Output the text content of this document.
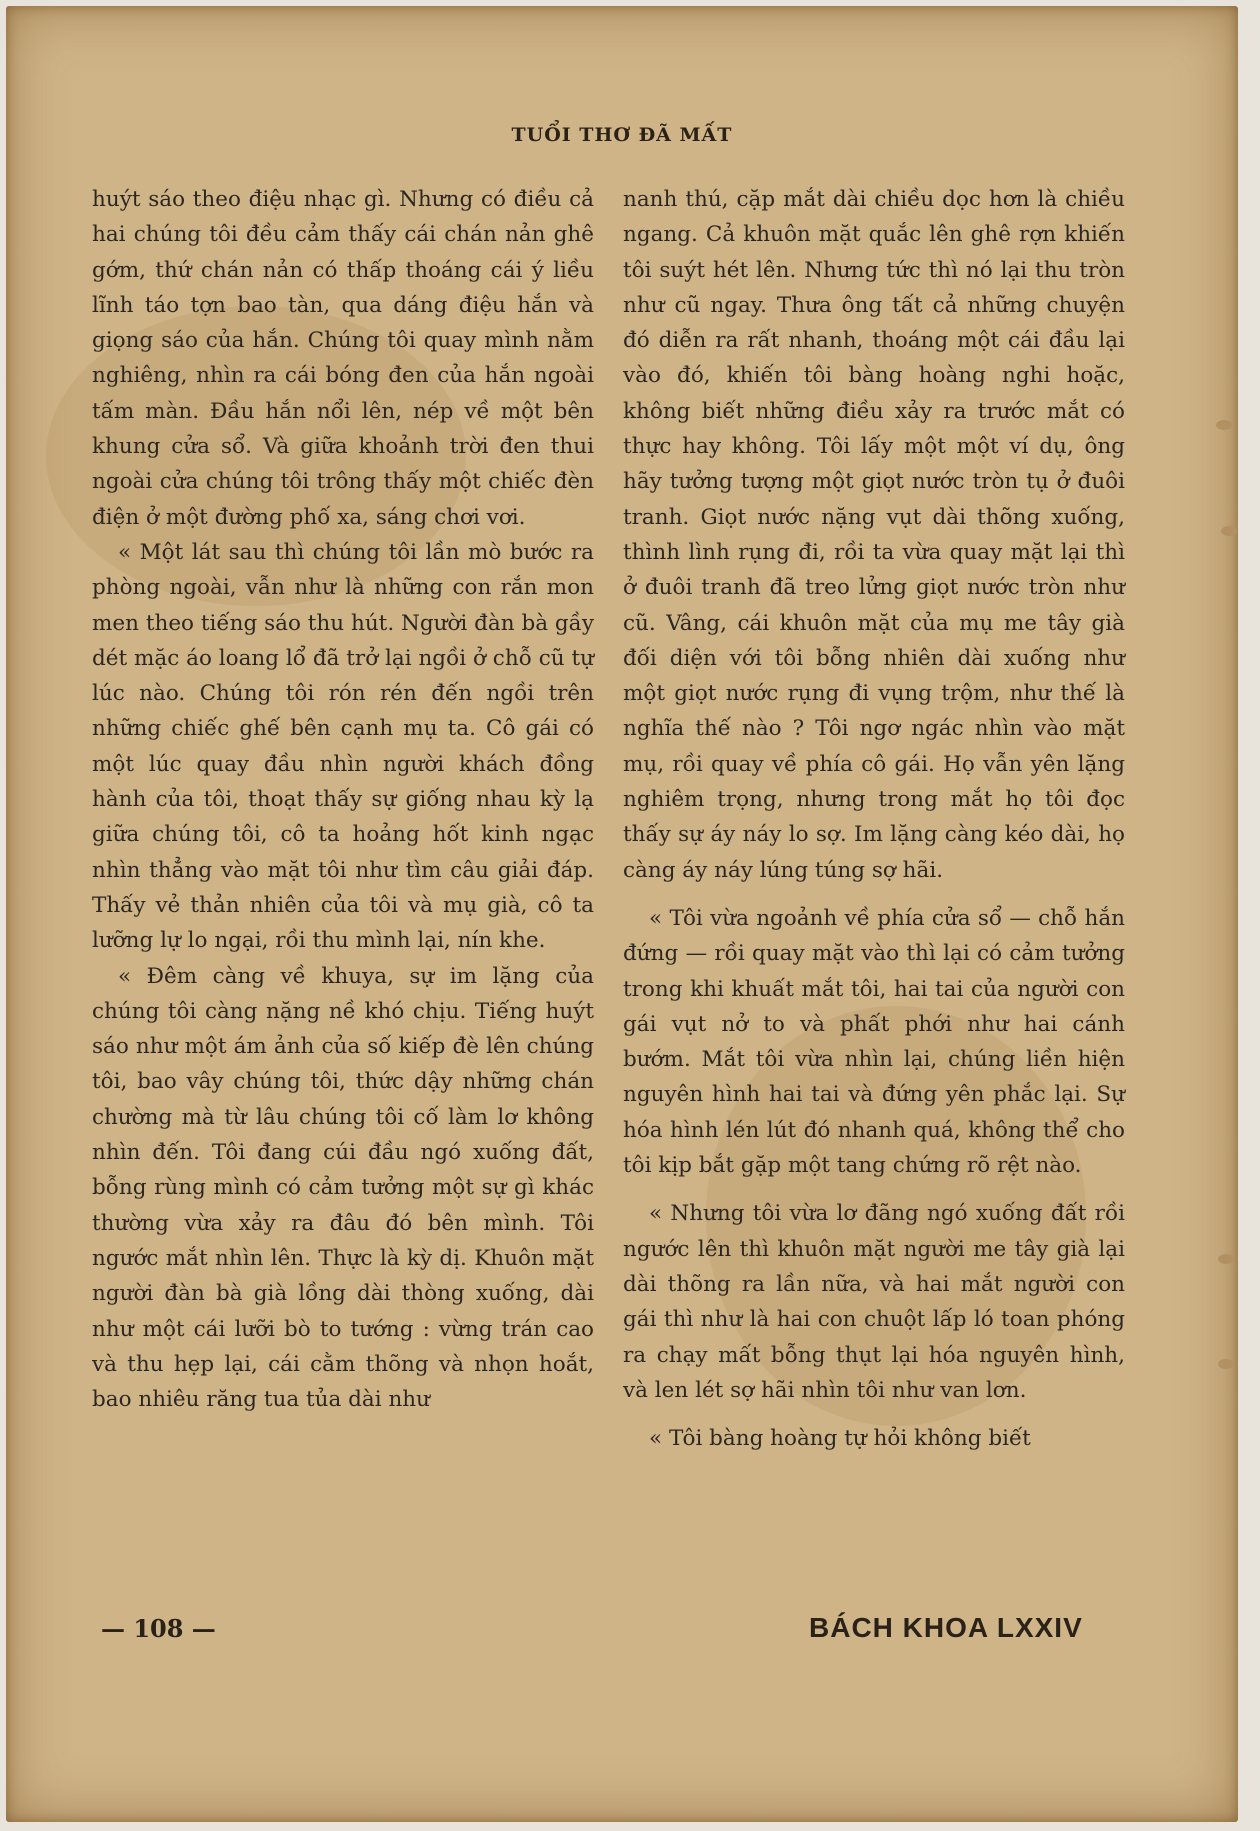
TUỔI THƠ ĐÃ MẤT

huýt sáo theo điệu nhạc gì. Nhưng có điều cả hai chúng tôi đều cảm thấy cái chán nản ghê gớm, thứ chán nản có thấp thoáng cái ý liều lĩnh táo tợn bao tàn, qua dáng điệu hắn và giọng sáo của hắn. Chúng tôi quay mình nằm nghiêng, nhìn ra cái bóng đen của hắn ngoài tấm màn. Đầu hắn nổi lên, nép về một bên khung cửa sổ. Và giữa khoảnh trời đen thui ngoài cửa chúng tôi trông thấy một chiếc đèn điện ở một đường phố xa, sáng chơi vơi.

« Một lát sau thì chúng tôi lần mò bước ra phòng ngoài, vẫn như là những con rắn mon men theo tiếng sáo thu hút. Người đàn bà gầy dét mặc áo loang lổ đã trở lại ngồi ở chỗ cũ tự lúc nào. Chúng tôi rón rén đến ngồi trên những chiếc ghế bên cạnh mụ ta. Cô gái có một lúc quay đầu nhìn người khách đồng hành của tôi, thoạt thấy sự giống nhau kỳ lạ giữa chúng tôi, cô ta hoảng hốt kinh ngạc nhìn thẳng vào mặt tôi như tìm câu giải đáp. Thấy vẻ thản nhiên của tôi và mụ già, cô ta lưỡng lự lo ngại, rồi thu mình lại, nín khe.

« Đêm càng về khuya, sự im lặng của chúng tôi càng nặng nề khó chịu. Tiếng huýt sáo như một ám ảnh của số kiếp đè lên chúng tôi, bao vây chúng tôi, thức dậy những chán chường mà từ lâu chúng tôi cố làm lơ không nhìn đến. Tôi đang cúi đầu ngó xuống đất, bỗng rùng mình có cảm tưởng một sự gì khác thường vừa xảy ra đâu đó bên mình. Tôi ngước mắt nhìn lên. Thực là kỳ dị. Khuôn mặt người đàn bà già lồng dài thòng xuống, dài như một cái lưỡi bò to tướng : vừng trán cao và thu hẹp lại, cái cằm thõng và nhọn hoắt, bao nhiêu răng tua tủa dài như

nanh thú, cặp mắt dài chiều dọc hơn là chiều ngang. Cả khuôn mặt quắc lên ghê rợn khiến tôi suýt hét lên. Nhưng tức thì nó lại thu tròn như cũ ngay. Thưa ông tất cả những chuyện đó diễn ra rất nhanh, thoáng một cái đầu lại vào đó, khiến tôi bàng hoàng nghi hoặc, không biết những điều xảy ra trước mắt có thực hay không. Tôi lấy một một ví dụ, ông hãy tưởng tượng một giọt nước tròn tụ ở đuôi tranh. Giọt nước nặng vụt dài thõng xuống, thình lình rụng đi, rồi ta vừa quay mặt lại thì ở đuôi tranh đã treo lửng giọt nước tròn như cũ. Vâng, cái khuôn mặt của mụ me tây già đối diện với tôi bỗng nhiên dài xuống như một giọt nước rụng đi vụng trộm, như thế là nghĩa thế nào ? Tôi ngơ ngác nhìn vào mặt mụ, rồi quay về phía cô gái. Họ vẫn yên lặng nghiêm trọng, nhưng trong mắt họ tôi đọc thấy sự áy náy lo sợ. Im lặng càng kéo dài, họ càng áy náy lúng túng sợ hãi.

« Tôi vừa ngoảnh về phía cửa sổ — chỗ hắn đứng — rồi quay mặt vào thì lại có cảm tưởng trong khi khuất mắt tôi, hai tai của người con gái vụt nở to và phất phới như hai cánh bướm. Mắt tôi vừa nhìn lại, chúng liền hiện nguyên hình hai tai và đứng yên phắc lại. Sự hóa hình lén lút đó nhanh quá, không thể cho tôi kịp bắt gặp một tang chứng rõ rệt nào.

« Nhưng tôi vừa lơ đãng ngó xuống đất rồi ngước lên thì khuôn mặt người me tây già lại dài thõng ra lần nữa, và hai mắt người con gái thì như là hai con chuột lấp ló toan phóng ra chạy mất bỗng thụt lại hóa nguyên hình, và len lét sợ hãi nhìn tôi như van lơn.

« Tôi bàng hoàng tự hỏi không biết

— 108 —	BÁCH KHOA LXXIV
